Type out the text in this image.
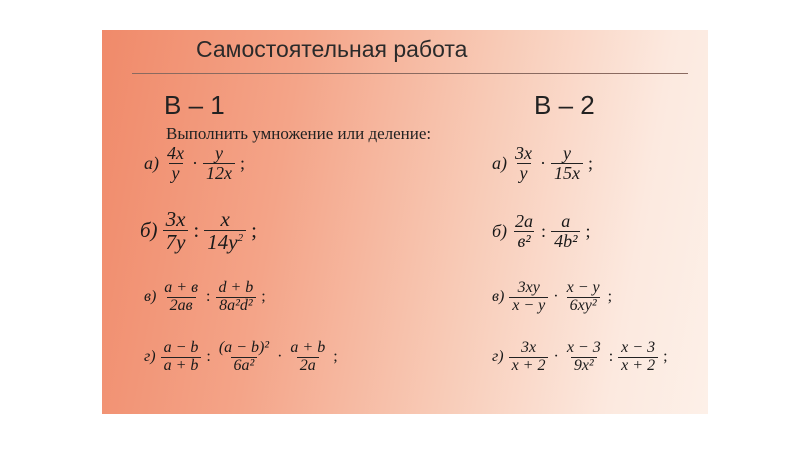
Самостоятельная работа
В – 1	В – 2
Выполнить умножение или деление:
$а) \frac{4x}{y} \cdot \frac{y}{12x}$ ;
$б) \frac{3x}{7y}$ : $\frac{x}{14y^2}$ ;
$в) \frac{a + в}{2aв}$ : $\frac{d + b}{\text{8a²d²}}$ ;
$г) \frac{a - b}{a + b}$ : $\frac{\text{(a − b)²}}{\text{6a²}} \cdot \frac{a + b}{2a}$ ;
$а) \frac{3x}{y} \cdot \frac{y}{15x}$ ;
$б) \frac{2a}{\text{в²}}$ : $\frac{a}{\text{4b²}}$ ;
$в) \frac{3xy}{x - y} \cdot \frac{x - y}{\text{6xy²}}$ ;
$г) \frac{3x}{x + 2} \cdot \frac{x - 3}{\text{9x²}}$ : $\frac{x - 3}{x + 2}$ ;
